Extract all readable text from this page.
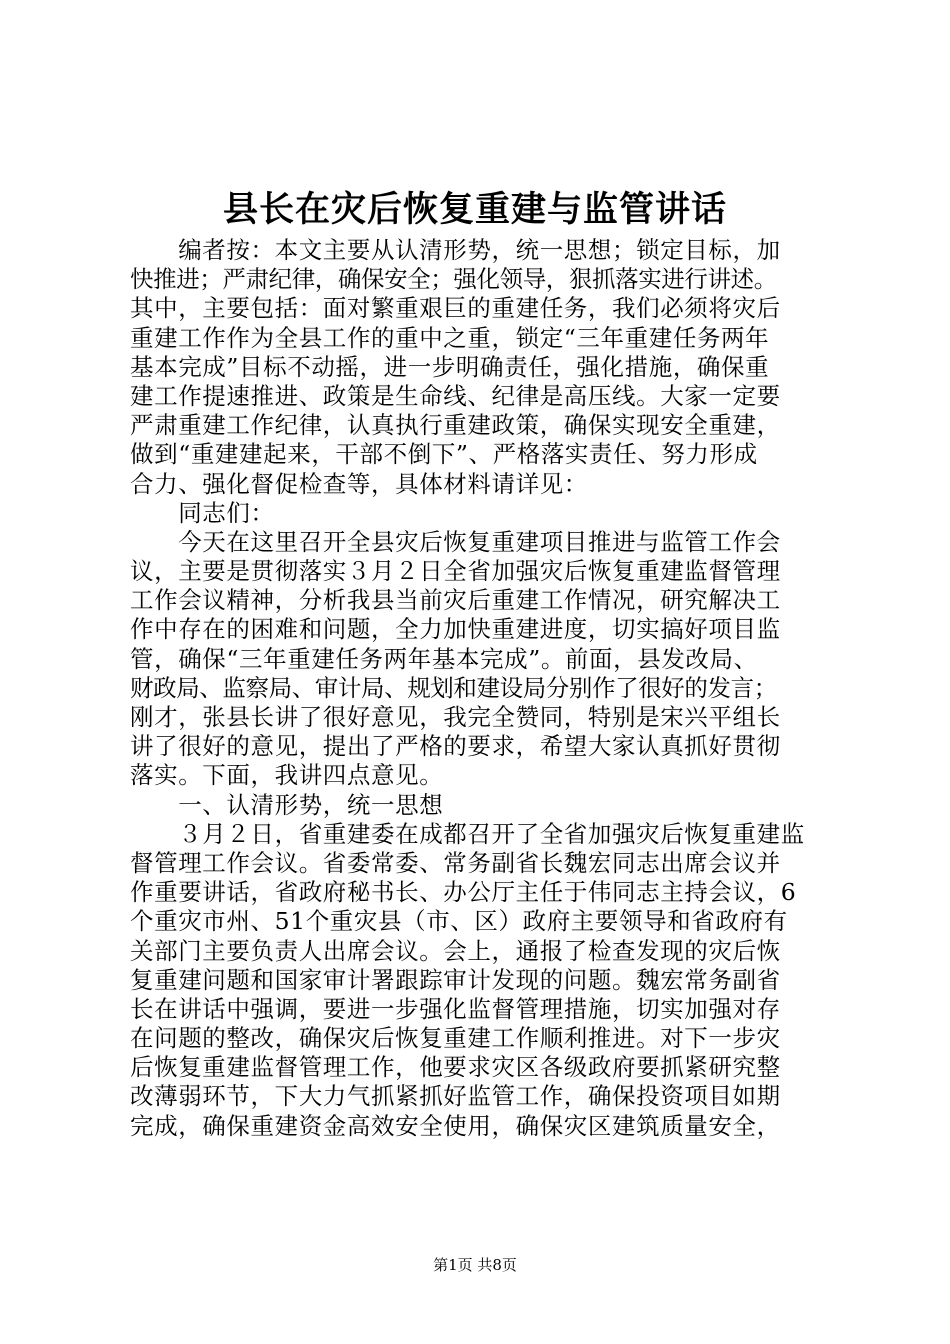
县长在灾后恢复重建与监管讲话
　　编者按：本文主要从认清形势，统一思想；锁定目标，加
快推进；严肃纪律，确保安全；强化领导，狠抓落实进行讲述。
其中，主要包括：面对繁重艰巨的重建任务，我们必须将灾后
重建工作作为全县工作的重中之重，锁定“三年重建任务两年
基本完成”目标不动摇，进一步明确责任，强化措施，确保重
建工作提速推进、政策是生命线、纪律是高压线。大家一定要
严肃重建工作纪律，认真执行重建政策，确保实现安全重建，
做到“重建建起来，干部不倒下”、严格落实责任、努力形成
合力、强化督促检查等，具体材料请详见：
　　同志们：
　　今天在这里召开全县灾后恢复重建项目推进与监管工作会
议，主要是贯彻落实３月２日全省加强灾后恢复重建监督管理
工作会议精神，分析我县当前灾后重建工作情况，研究解决工
作中存在的困难和问题，全力加快重建进度，切实搞好项目监
管，确保“三年重建任务两年基本完成”。前面，县发改局、
财政局、监察局、审计局、规划和建设局分别作了很好的发言；
刚才，张县长讲了很好意见，我完全赞同，特别是宋兴平组长
讲了很好的意见，提出了严格的要求，希望大家认真抓好贯彻
落实。下面，我讲四点意见。
　　一、认清形势，统一思想
　　３月２日，省重建委在成都召开了全省加强灾后恢复重建监
督管理工作会议。省委常委、常务副省长魏宏同志出席会议并
作重要讲话，省政府秘书长、办公厅主任于伟同志主持会议，6
个重灾市州、51个重灾县（市、区）政府主要领导和省政府有
关部门主要负责人出席会议。会上，通报了检查发现的灾后恢
复重建问题和国家审计署跟踪审计发现的问题。魏宏常务副省
长在讲话中强调，要进一步强化监督管理措施，切实加强对存
在问题的整改，确保灾后恢复重建工作顺利推进。对下一步灾
后恢复重建监督管理工作，他要求灾区各级政府要抓紧研究整
改薄弱环节，下大力气抓紧抓好监管工作，确保投资项目如期
完成，确保重建资金高效安全使用，确保灾区建筑质量安全，
第1页 共8页
